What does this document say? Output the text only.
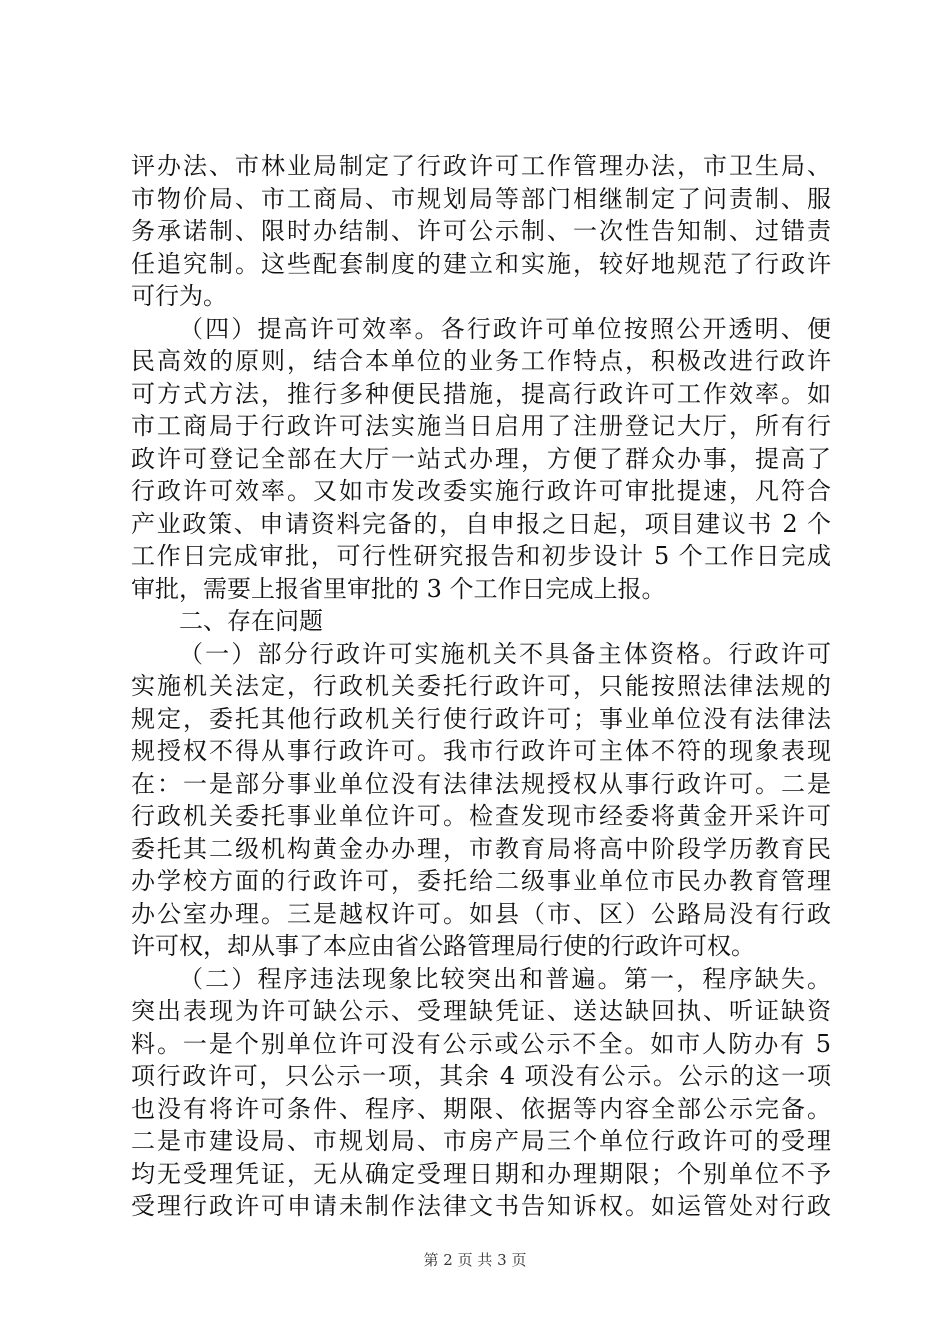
评办法、市林业局制定了行政许可工作管理办法，市卫生局、
市物价局、市工商局、市规划局等部门相继制定了问责制、服
务承诺制、限时办结制、许可公示制、一次性告知制、过错责
任追究制。这些配套制度的建立和实施，较好地规范了行政许
可行为。
（四）提高许可效率。各行政许可单位按照公开透明、便
民高效的原则，结合本单位的业务工作特点，积极改进行政许
可方式方法，推行多种便民措施，提高行政许可工作效率。如
市工商局于行政许可法实施当日启用了注册登记大厅，所有行
政许可登记全部在大厅一站式办理，方便了群众办事，提高了
行政许可效率。又如市发改委实施行政许可审批提速，凡符合
产业政策、申请资料完备的，自申报之日起，项目建议书 2 个
工作日完成审批，可行性研究报告和初步设计 5 个工作日完成
审批，需要上报省里审批的 3 个工作日完成上报。
二、存在问题
（一）部分行政许可实施机关不具备主体资格。行政许可
实施机关法定，行政机关委托行政许可，只能按照法律法规的
规定，委托其他行政机关行使行政许可；事业单位没有法律法
规授权不得从事行政许可。我市行政许可主体不符的现象表现
在：一是部分事业单位没有法律法规授权从事行政许可。二是
行政机关委托事业单位许可。检查发现市经委将黄金开采许可
委托其二级机构黄金办办理，市教育局将高中阶段学历教育民
办学校方面的行政许可，委托给二级事业单位市民办教育管理
办公室办理。三是越权许可。如县（市、区）公路局没有行政
许可权，却从事了本应由省公路管理局行使的行政许可权。
（二）程序违法现象比较突出和普遍。第一，程序缺失。
突出表现为许可缺公示、受理缺凭证、送达缺回执、听证缺资
料。一是个别单位许可没有公示或公示不全。如市人防办有 5
项行政许可，只公示一项，其余 4 项没有公示。公示的这一项
也没有将许可条件、程序、期限、依据等内容全部公示完备。
二是市建设局、市规划局、市房产局三个单位行政许可的受理
均无受理凭证，无从确定受理日期和办理期限；个别单位不予
受理行政许可申请未制作法律文书告知诉权。如运管处对行政
第 2 页 共 3 页
